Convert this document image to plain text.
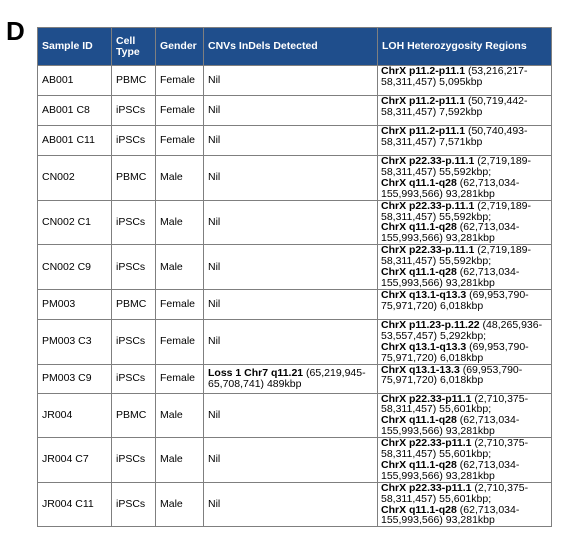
D Sample ID	Cell Type	Gender	CNVs InDels Detected	LOH Heterozygosity Regions
AB001	PBMC	Female	Nil	ChrX p11.2-p11.1 (53,216,217-58,311,457) 5,095kbp

AB001 C8	iPSCs	Female	Nil	ChrX p11.2-p11.1 (50,719,442-58,311,457) 7,592kbp

AB001 C11	iPSCs	Female	Nil	ChrX p11.2-p11.1 (50,740,493-58,311,457) 7,571kbp

CN002	PBMC	Male	Nil	ChrX p22.33-p.11.1 (2,719,189-58,311,457) 55,592kbp;
ChrX q11.1-q28 (62,713,034-155,993,566) 93,281kbp

CN002 C1	iPSCs	Male	Nil	ChrX p22.33-p.11.1 (2,719,189-58,311,457) 55,592kbp;
ChrX q11.1-q28 (62,713,034-155,993,566) 93,281kbp

CN002 C9	iPSCs	Male	Nil	ChrX p22.33-p.11.1 (2,719,189-58,311,457) 55,592kbp;
ChrX q11.1-q28 (62,713,034-155,993,566) 93,281kbp

PM003	PBMC	Female	Nil	ChrX q13.1-q13.3 (69,953,790-75,971,720) 6,018kbp

PM003 C3	iPSCs	Female	Nil	ChrX p11.23-p.11.22 (48,265,936-53,557,457) 5,292kbp;
ChrX q13.1-q13.3 (69,953,790-75,971,720) 6,018kbp

PM003 C9	iPSCs	Female	Loss 1 Chr7 q11.21 (65,219,945-65,708,741) 489kbp	ChrX q13.1-13.3 (69,953,790-75,971,720) 6,018kbp

JR004	PBMC	Male	Nil	ChrX p22.33-p11.1 (2,710,375-58,311,457) 55,601kbp;
ChrX q11.1-q28 (62,713,034-155,993,566) 93,281kbp

JR004 C7	iPSCs	Male	Nil	ChrX p22.33-p11.1 (2,710,375-58,311,457) 55,601kbp;
ChrX q11.1-q28 (62,713,034-155,993,566) 93,281kbp

JR004 C11	iPSCs	Male	Nil	ChrX p22.33-p11.1 (2,710,375-58,311,457) 55,601kbp;
ChrX q11.1-q28 (62,713,034-155,993,566) 93,281kbp
